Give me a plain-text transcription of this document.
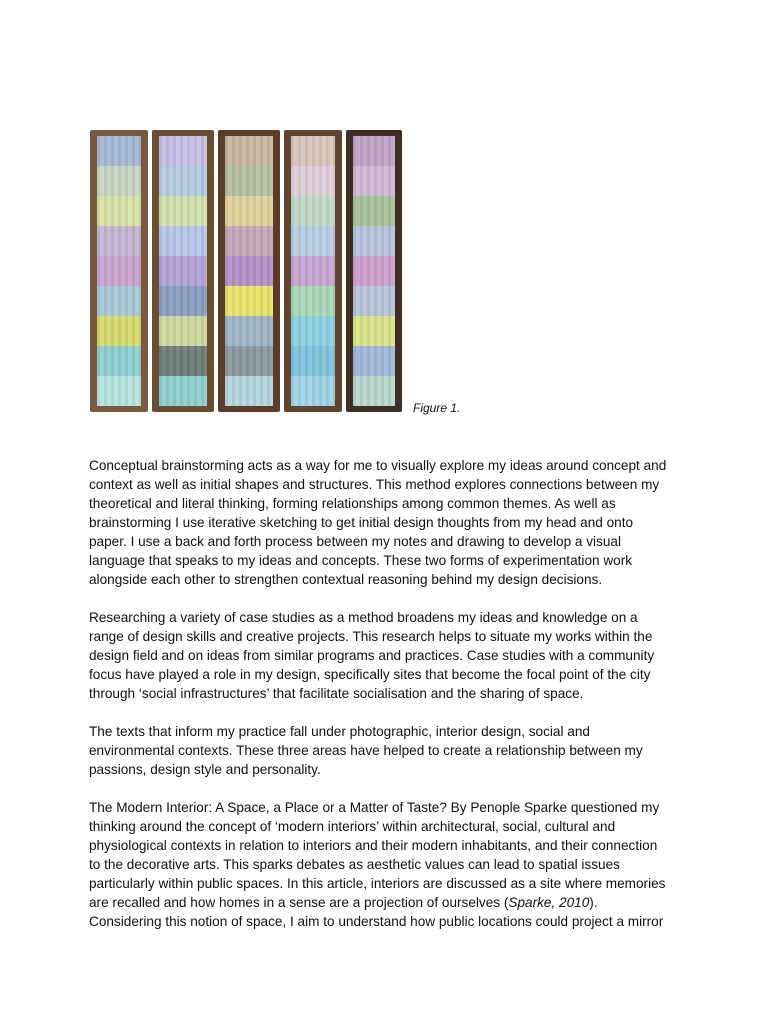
Figure 1.

Conceptual brainstorming acts as a way for me to visually explore my ideas around concept and
context as well as initial shapes and structures. This method explores connections between my
theoretical and literal thinking, forming relationships among common themes. As well as
brainstorming I use iterative sketching to get initial design thoughts from my head and onto
paper. I use a back and forth process between my notes and drawing to develop a visual
language that speaks to my ideas and concepts. These two forms of experimentation work
alongside each other to strengthen contextual reasoning behind my design decisions.

Researching a variety of case studies as a method broadens my ideas and knowledge on a
range of design skills and creative projects. This research helps to situate my works within the
design field and on ideas from similar programs and practices. Case studies with a community
focus have played a role in my design, specifically sites that become the focal point of the city
through ‘social infrastructures’ that facilitate socialisation and the sharing of space.

The texts that inform my practice fall under photographic, interior design, social and
environmental contexts. These three areas have helped to create a relationship between my
passions, design style and personality.

The Modern Interior: A Space, a Place or a Matter of Taste? By Penople Sparke questioned my
thinking around the concept of ‘modern interiors’ within architectural, social, cultural and
physiological contexts in relation to interiors and their modern inhabitants, and their connection
to the decorative arts. This sparks debates as aesthetic values can lead to spatial issues
particularly within public spaces. In this article, interiors are discussed as a site where memories
are recalled and how homes in a sense are a projection of ourselves (Sparke, 2010).
Considering this notion of space, I aim to understand how public locations could project a mirror
